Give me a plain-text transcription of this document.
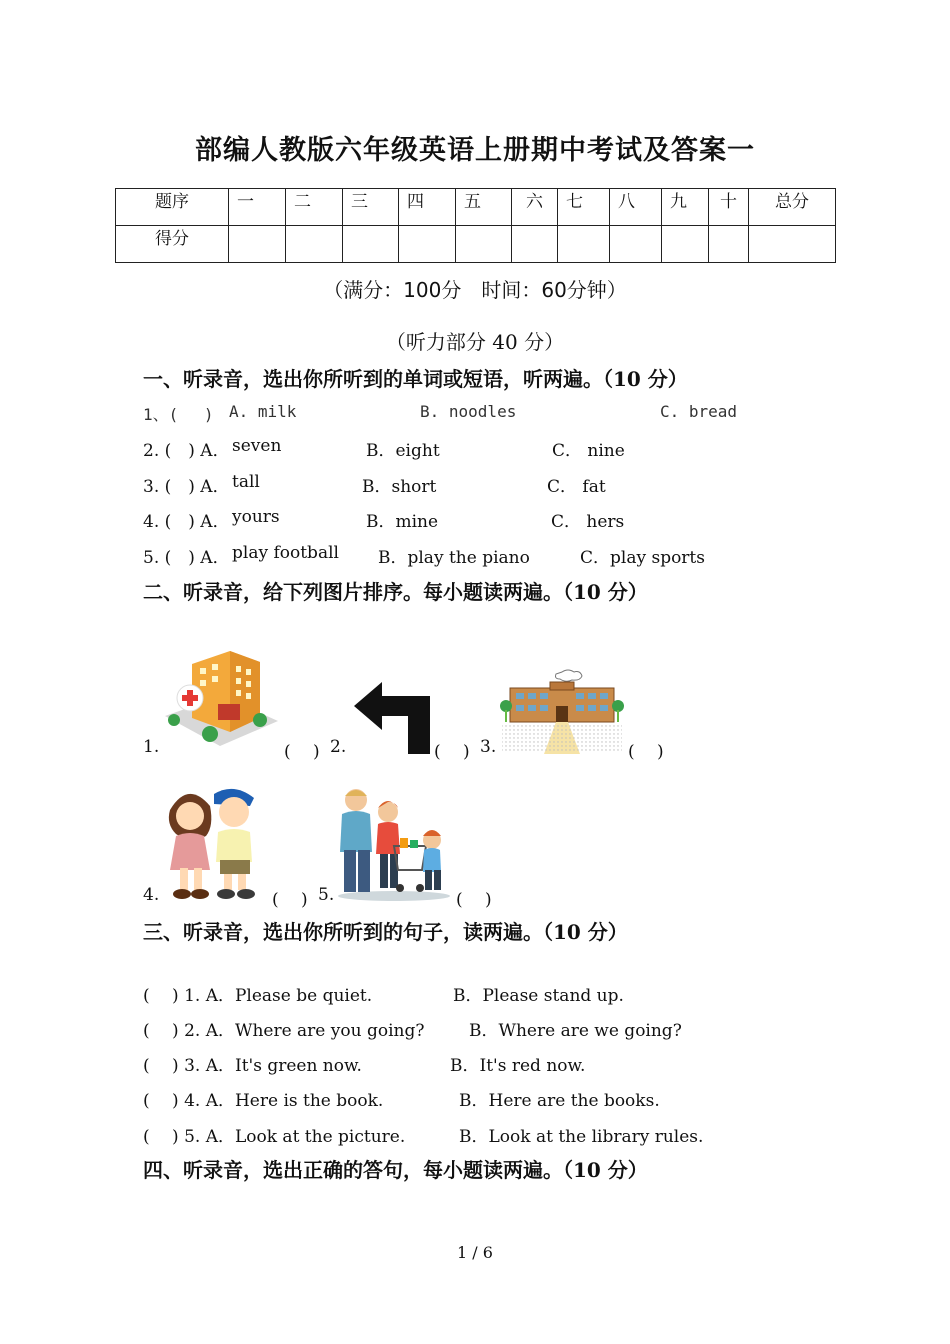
部编人教版六年级英语上册期中考试及答案一
题序	一	二	三	四	五	六	七	八	九	十	总分
得分											
（满分：100分　时间：60分钟）
（听力部分 40 分）
一、听录音，选出你所听到的单词或短语，听两遍。（10 分）
1、(　 ) A. milk	B. noodles	C. bread
2. (　) A． seven	B．eight	C． nine
3. (　) A． tall	B．short	C． fat
4. (　) A． yours	B．mine	C． hers
5. (　) A． play football B．play the piano	C．play sports
二、听录音，给下列图片排序。每小题读两遍。（10 分）
1.	(　 ) 2.	(　 ) 3.	(　 )
4.	(　 ) 5.	(　 )
三、听录音，选出你所听到的句子，读两遍。（10 分）
(　 ) 1. A．Please be quiet.	B．Please stand up.
(　 ) 2. A．Where are you going?	B．Where are we going?
(　 ) 3. A．It's green now.	B．It's red now.
(　 ) 4. A．Here is the book.	B．Here are the books.
(　 ) 5. A．Look at the picture.	B．Look at the library rules.
四、听录音，选出正确的答句，每小题读两遍。（10 分）
1 / 6
